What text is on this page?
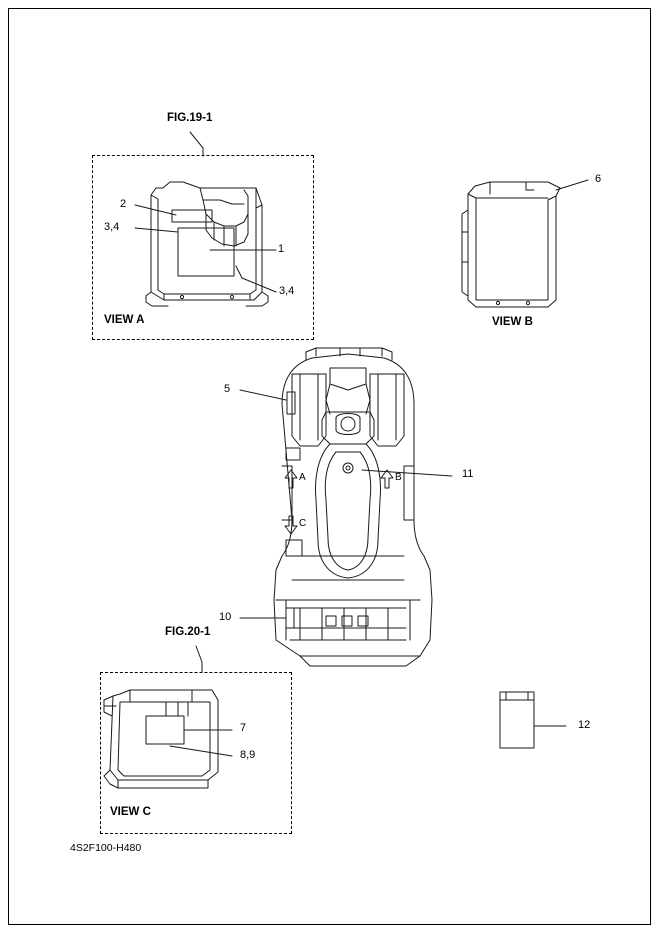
FIG.19-1
FIG.20-1
VIEW A	VIEW B
VIEW C
2
3,4
1
3,4
6
5
11
10
7
8,9
12
A	B
C
4S2F100-H480
